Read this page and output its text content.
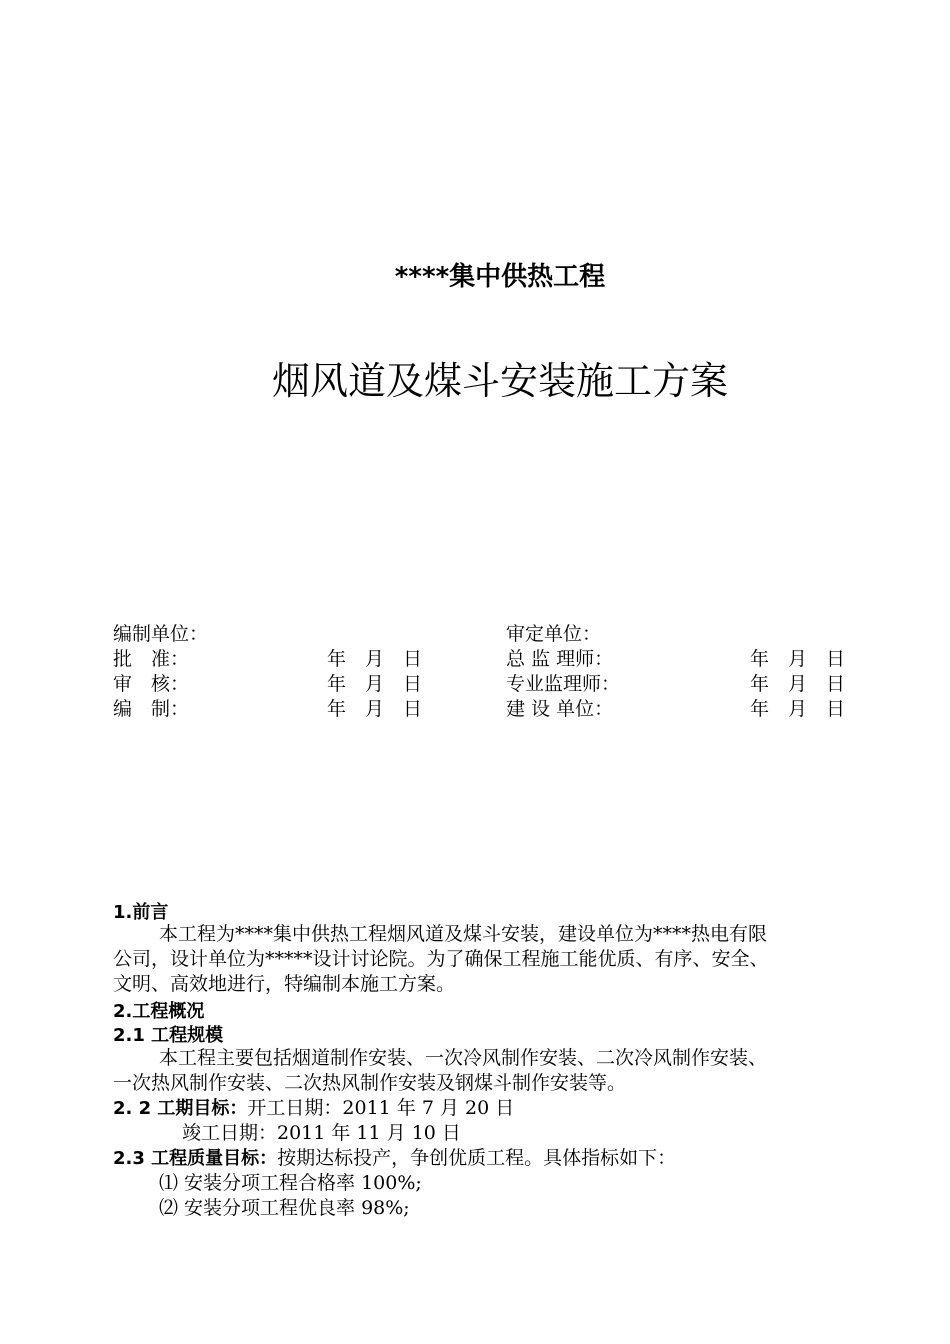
****集中供热工程
烟风道及煤斗安装施工方案
编制单位：	审定单位：
批　准：	年　月　日	总 监 理师：	年　月　日
审　核：	年　月　日	专业监理师：	年　月　日
编　制：	年　月　日	建 设 单位：	年　月　日
1.前言
本工程为****集中供热工程烟风道及煤斗安装，建设单位为****热电有限
公司，设计单位为*****设计讨论院。为了确保工程施工能优质、有序、安全、
文明、高效地进行，特编制本施工方案。
2.工程概况
2.1 工程规模
本工程主要包括烟道制作安装、一次冷风制作安装、二次冷风制作安装、
一次热风制作安装、二次热风制作安装及钢煤斗制作安装等。
2. 2 工期目标：开工日期：2011 年 7 月 20 日
竣工日期：2011 年 11 月 10 日
2.3 工程质量目标：按期达标投产，争创优质工程。具体指标如下：
⑴ 安装分项工程合格率 100%;
⑵ 安装分项工程优良率 98%;
